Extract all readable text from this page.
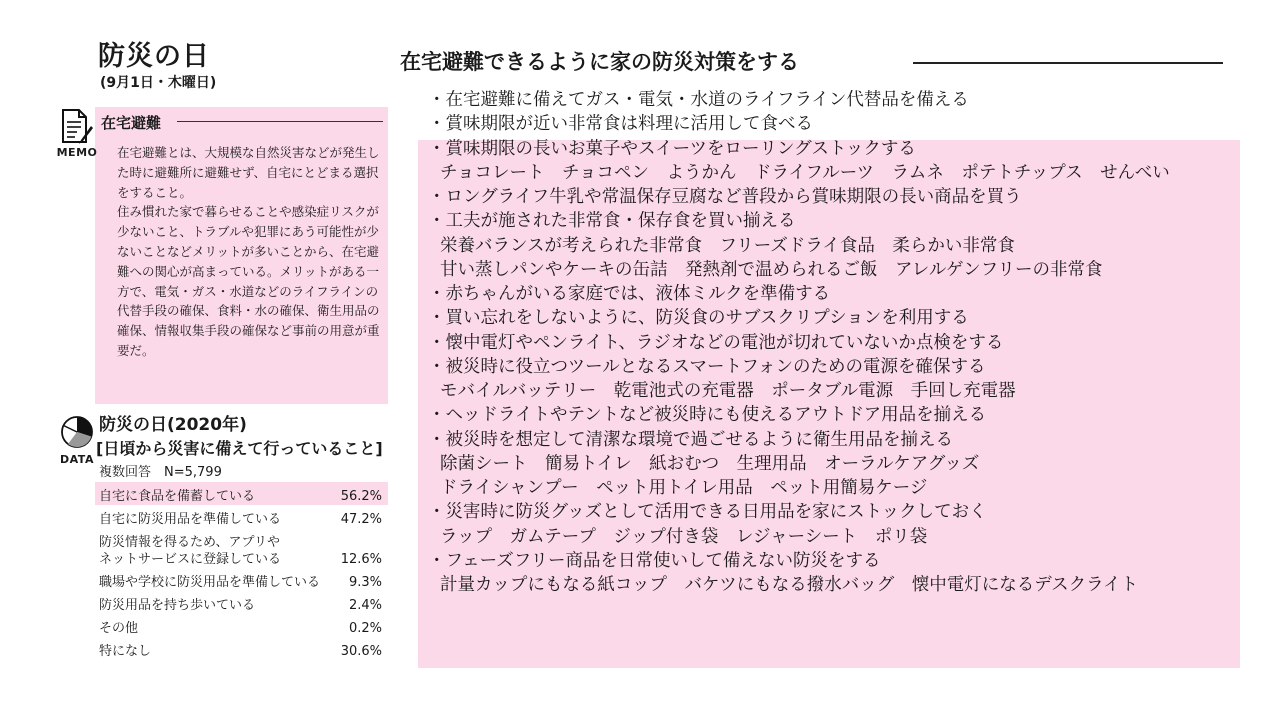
防災の日
(9月1日・木曜日)
MEMO
在宅避難

在宅避難とは、大規模な自然災害などが発生した時に避難所に避難せず、自宅にとどまる選択をすること。

住み慣れた家で暮らせることや感染症リスクが少ないこと、トラブルや犯罪にあう可能性が少ないことなどメリットが多いことから、在宅避難への関心が高まっている。メリットがある一方で、電気・ガス・水道などのライフラインの代替手段の確保、食料・水の確保、衛生用品の確保、情報収集手段の確保など事前の用意が重要だ。

DATA
防災の日(2020年)
[日頃から災害に備えて行っていること]
複数回答　N=5,799
自宅に食品を備蓄している	56.2%
自宅に防災用品を準備している	47.2%
防災情報を得るため、アプリや
ネットサービスに登録している	12.6%
職場や学校に防災用品を準備している 9.3%
防災用品を持ち歩いている	2.4%
その他	0.2%
特になし	30.6%
在宅避難できるように家の防災対策をする
・在宅避難に備えてガス・電気・水道のライフライン代替品を備える
・賞味期限が近い非常食は料理に活用して食べる
・賞味期限の長いお菓子やスイーツをローリングストックする
チョコレート　チョコペン　ようかん　ドライフルーツ　ラムネ　ポテトチップス　せんべい
・ロングライフ牛乳や常温保存豆腐など普段から賞味期限の長い商品を買う
・工夫が施された非常食・保存食を買い揃える
栄養バランスが考えられた非常食　フリーズドライ食品　柔らかい非常食
甘い蒸しパンやケーキの缶詰　発熱剤で温められるご飯　アレルゲンフリーの非常食
・赤ちゃんがいる家庭では、液体ミルクを準備する
・買い忘れをしないように、防災食のサブスクリプションを利用する
・懐中電灯やペンライト、ラジオなどの電池が切れていないか点検をする
・被災時に役立つツールとなるスマートフォンのための電源を確保する
モバイルバッテリー　乾電池式の充電器　ポータブル電源　手回し充電器
・ヘッドライトやテントなど被災時にも使えるアウトドア用品を揃える
・被災時を想定して清潔な環境で過ごせるように衛生用品を揃える
除菌シート　簡易トイレ　紙おむつ　生理用品　オーラルケアグッズ
ドライシャンプー　ペット用トイレ用品　ペット用簡易ケージ
・災害時に防災グッズとして活用できる日用品を家にストックしておく
ラップ　ガムテープ　ジップ付き袋　レジャーシート　ポリ袋
・フェーズフリー商品を日常使いして備えない防災をする
計量カップにもなる紙コップ　バケツにもなる撥水バッグ　懐中電灯になるデスクライト
